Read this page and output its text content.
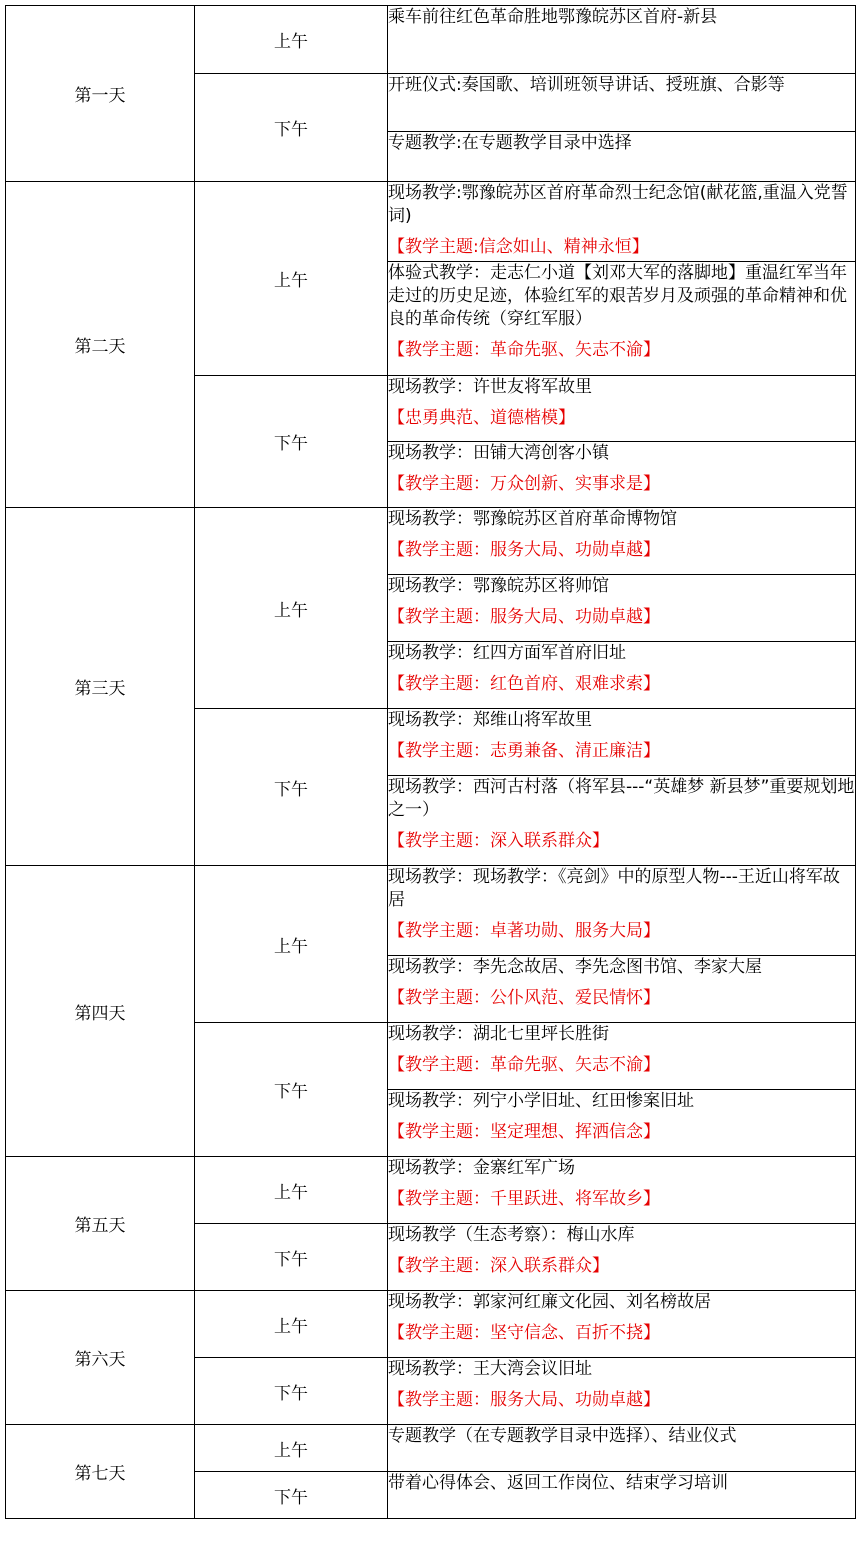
第一天	上午	乘车前往红色革命胜地鄂豫皖苏区首府-新县

	下午	开班仪式:奏国歌、培训班领导讲话、授班旗、合影等

		专题教学:在专题教学目录中选择

第二天	上午	现场教学:鄂豫皖苏区首府革命烈士纪念馆(献花篮,重温入党誓词)
【教学主题:信念如山、精神永恒】

		体验式教学：走志仁小道【刘邓大军的落脚地】重温红军当年走过的历史足迹，体验红军的艰苦岁月及顽强的革命精神和优良的革命传统（穿红军服）
【教学主题：革命先驱、矢志不渝】

	下午	现场教学：许世友将军故里
【忠勇典范、道德楷模】

		现场教学：田铺大湾创客小镇
【教学主题：万众创新、实事求是】

第三天	上午	现场教学：鄂豫皖苏区首府革命博物馆
【教学主题：服务大局、功勋卓越】

		现场教学：鄂豫皖苏区将帅馆
【教学主题：服务大局、功勋卓越】

		现场教学：红四方面军首府旧址
【教学主题：红色首府、艰难求索】

	下午	现场教学：郑维山将军故里
【教学主题：志勇兼备、清正廉洁】

		现场教学：西河古村落（将军县---“英雄梦 新县梦”重要规划地之一）
【教学主题：深入联系群众】

第四天	上午	现场教学：现场教学：《亮剑》中的原型人物---王近山将军故居
【教学主题：卓著功勋、服务大局】

		现场教学：李先念故居、李先念图书馆、李家大屋
【教学主题：公仆风范、爱民情怀】

	下午	现场教学：湖北七里坪长胜街
【教学主题：革命先驱、矢志不渝】

		现场教学：列宁小学旧址、红田惨案旧址
【教学主题：坚定理想、挥洒信念】

第五天	上午	现场教学：金寨红军广场
【教学主题：千里跃进、将军故乡】

	下午	现场教学（生态考察）：梅山水库
【教学主题：深入联系群众】

第六天	上午	现场教学：郭家河红廉文化园、刘名榜故居
【教学主题：坚守信念、百折不挠】

	下午	现场教学：王大湾会议旧址
【教学主题：服务大局、功勋卓越】

第七天	上午	专题教学（在专题教学目录中选择）、结业仪式

	下午	带着心得体会、返回工作岗位、结束学习培训
